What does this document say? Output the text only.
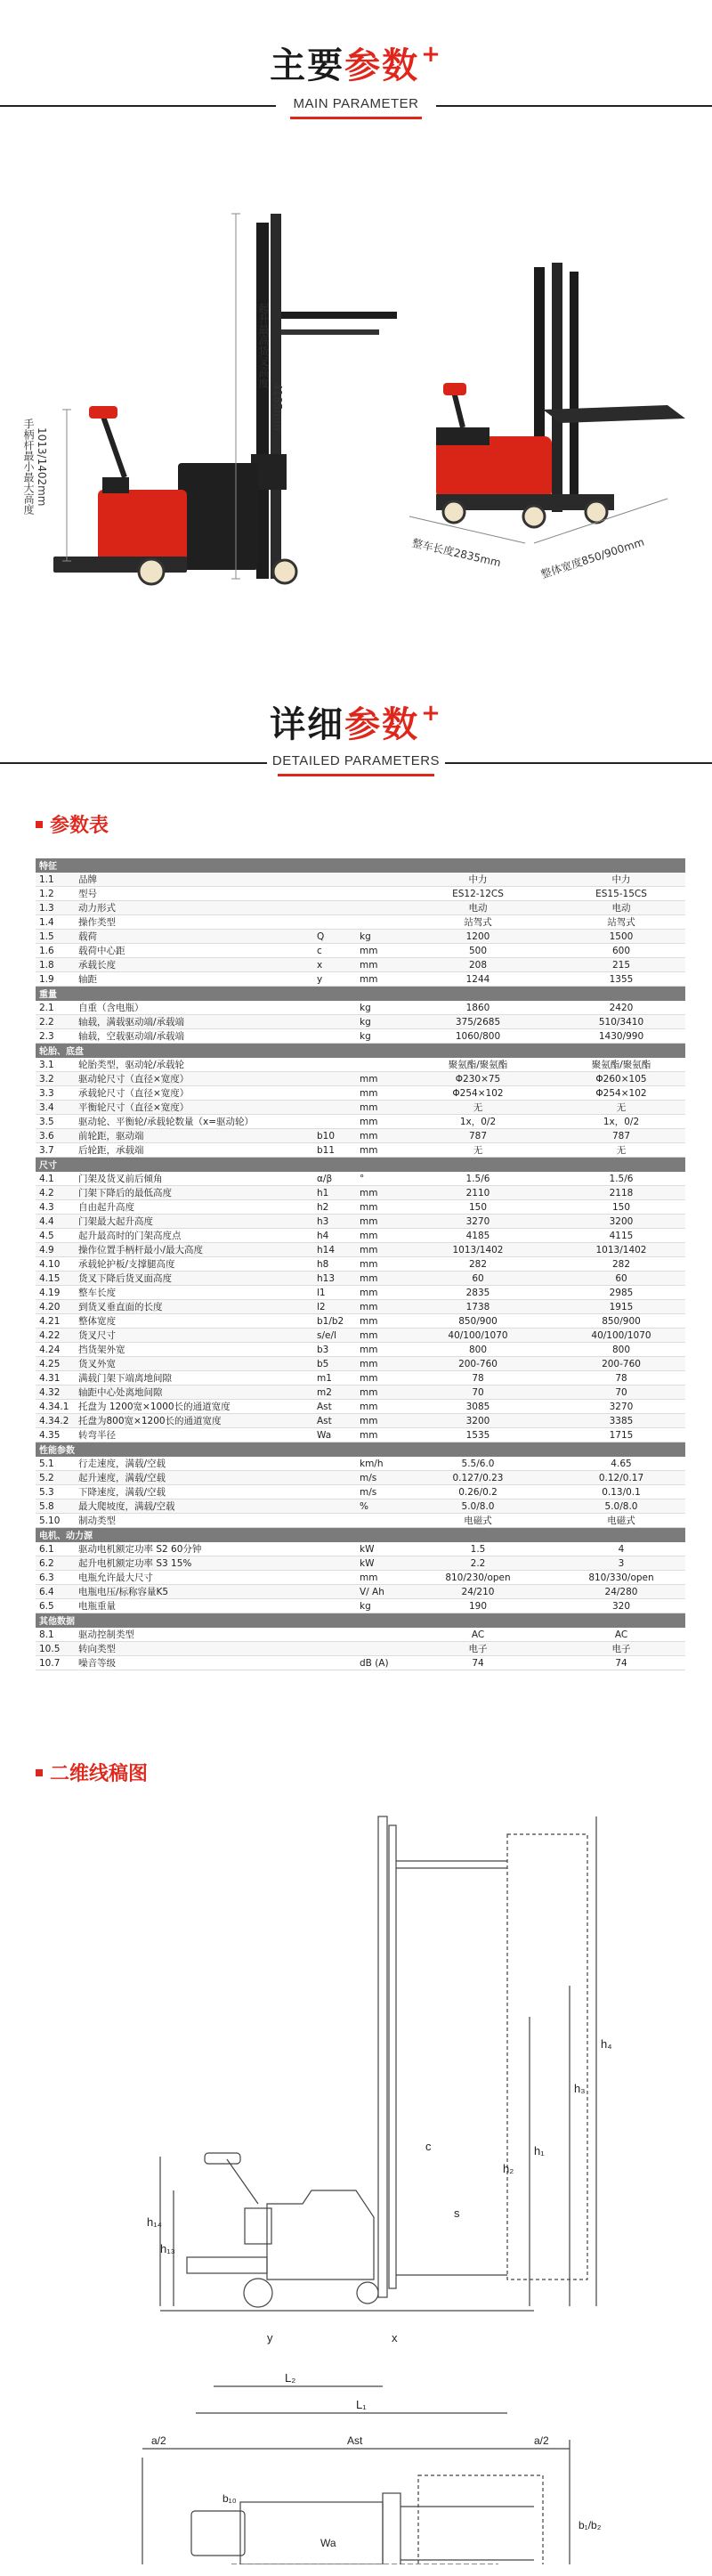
主要参数+
MAIN PARAMETER
起升最高货叉高度
4185mm
手柄杆最小最大高度 1013/1402mm
整车长度2835mm	整体宽度850/900mm
详细参数+
DETAILED PARAMETERS
参数表
特征					
1.1	品牌			中力	中力
1.2	型号			ES12-12CS	ES15-15CS
1.3	动力形式			电动	电动
1.4	操作类型			站驾式	站驾式
1.5	载荷	Q	kg	1200	1500
1.6	载荷中心距	c	mm	500	600
1.8	承载长度	x	mm	208	215
1.9	轴距	y	mm	1244	1355
重量					
2.1	自重（含电瓶）		kg	1860	2420
2.2	轴载，满载驱动端/承载端		kg	375/2685	510/3410
2.3	轴载，空载驱动端/承载端		kg	1060/800	1430/990
轮胎、底盘					
3.1	轮胎类型，驱动轮/承载轮			聚氨酯/聚氨酯	聚氨酯/聚氨酯
3.2	驱动轮尺寸（直径×宽度）		mm	Φ230×75	Φ260×105
3.3	承载轮尺寸（直径×宽度）		mm	Φ254×102	Φ254×102
3.4	平衡轮尺寸（直径×宽度）		mm	无	无
3.5	驱动轮、平衡轮/承载轮数量（x=驱动轮）		mm	1x，0/2	1x，0/2
3.6	前轮距，驱动端	b10	mm	787	787
3.7	后轮距，承载端	b11	mm	无	无
尺寸					
4.1	门架及货叉前后倾角	α/β	°	1.5/6	1.5/6
4.2	门架下降后的最低高度	h1	mm	2110	2118
4.3	自由起升高度	h2	mm	150	150
4.4	门架最大起升高度	h3	mm	3270	3200
4.5	起升最高时的门架高度点	h4	mm	4185	4115
4.9	操作位置手柄杆最小/最大高度	h14	mm	1013/1402	1013/1402
4.10	承载轮护板/支撑腿高度	h8	mm	282	282
4.15	货叉下降后货叉面高度	h13	mm	60	60
4.19	整车长度	l1	mm	2835	2985
4.20	到货叉垂直面的长度	l2	mm	1738	1915
4.21	整体宽度	b1/b2	mm	850/900	850/900
4.22	货叉尺寸	s/e/l	mm	40/100/1070	40/100/1070
4.24	挡货架外宽	b3	mm	800	800
4.25	货叉外宽	b5	mm	200-760	200-760
4.31	满载门架下端离地间隙	m1	mm	78	78
4.32	轴距中心处离地间隙	m2	mm	70	70
4.34.1	托盘为 1200宽×1000长的通道宽度	Ast	mm	3085	3270
4.34.2	托盘为800宽×1200长的通道宽度	Ast	mm	3200	3385
4.35	转弯半径	Wa	mm	1535	1715
性能参数					
5.1	行走速度，满载/空载		km/h	5.5/6.0	4.65
5.2	起升速度，满载/空载		m/s	0.127/0.23	0.12/0.17
5.3	下降速度，满载/空载		m/s	0.26/0.2	0.13/0.1
5.8	最大爬坡度，满载/空载		%	5.0/8.0	5.0/8.0
5.10	制动类型			电磁式	电磁式
电机、动力源					
6.1	驱动电机额定功率 S2 60分钟		kW	1.5	4
6.2	起升电机额定功率 S3 15%		kW	2.2	3
6.3	电瓶允许最大尺寸		mm	810/230/open	810/330/open
6.4	电瓶电压/标称容量K5		V/ Ah	24/210	24/280
6.5	电瓶重量		kg	190	320
其他数据					
8.1	驱动控制类型			AC	AC
10.5	转向类型			电子	电子
10.7	噪音等级		dB (A)	74	74
二维线稿图
h₄
h₃
h₁
h₂
h₁₄
h₁₃
c
s
x
y
L₂
L₁
b₁/b₂
b₁₀
Wa
a/2	a/2
Ast
